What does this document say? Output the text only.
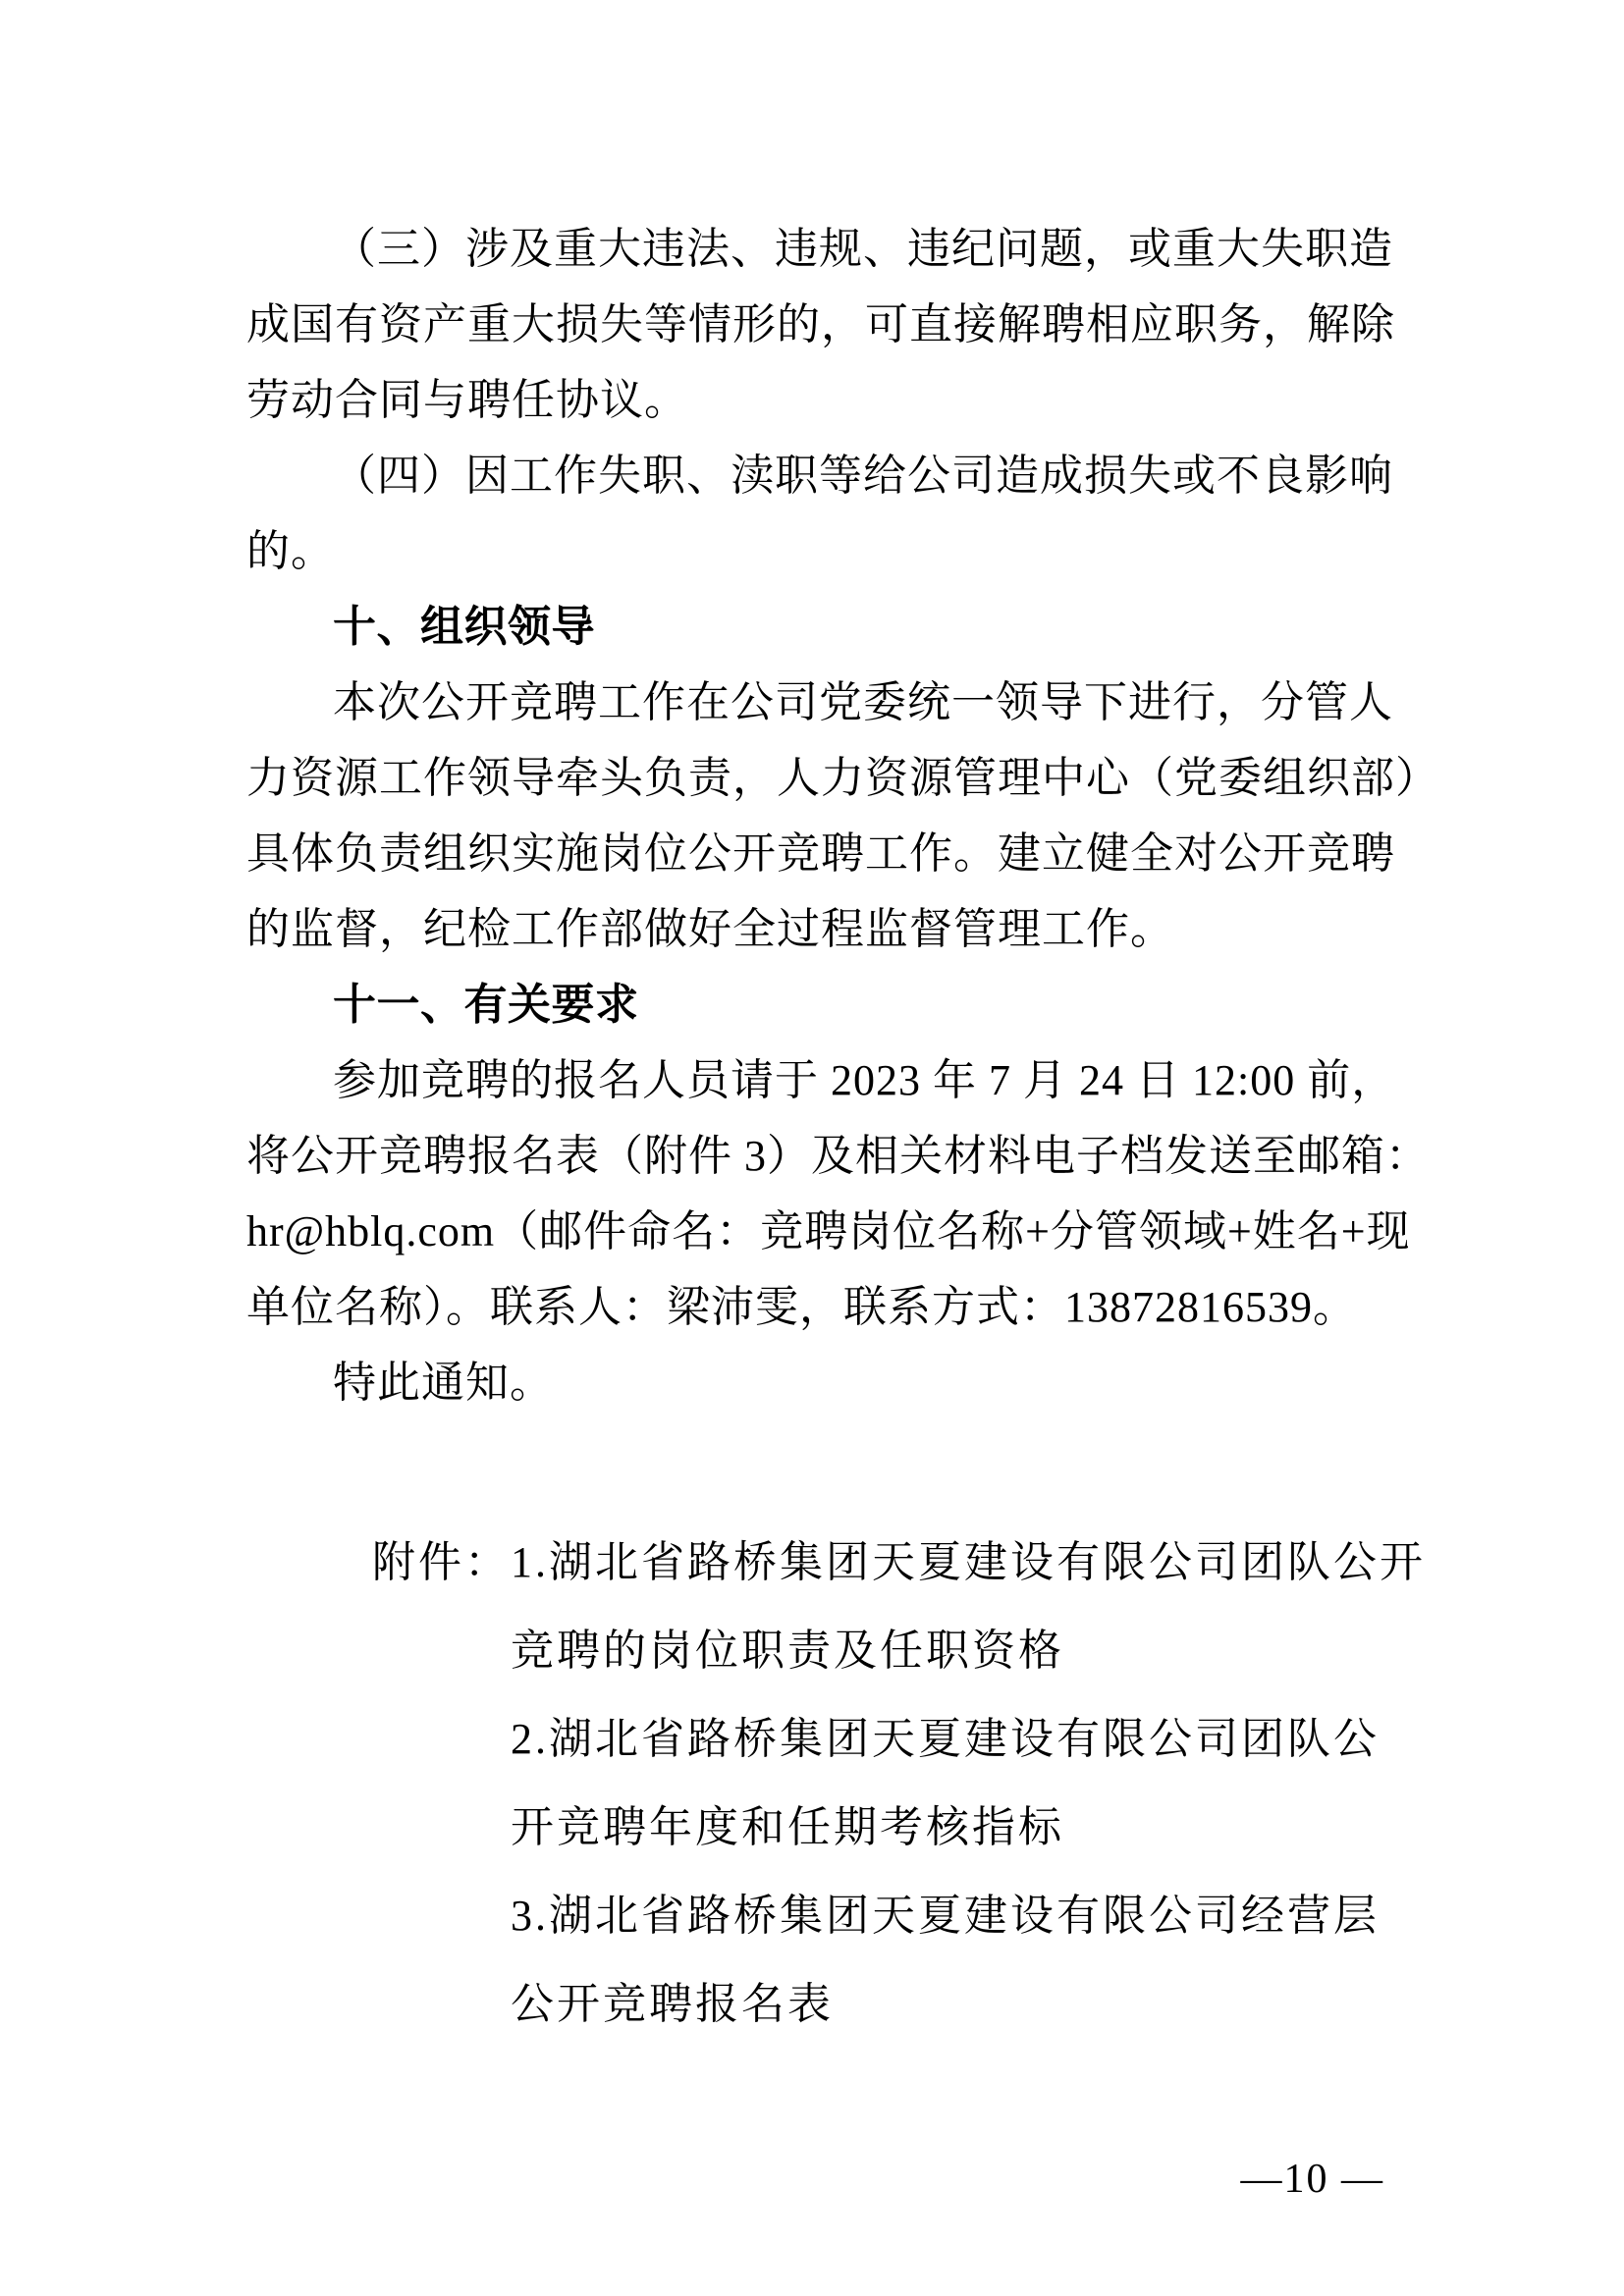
（三）涉及重大违法、违规、违纪问题，或重大失职造
成国有资产重大损失等情形的，可直接解聘相应职务，解除
劳动合同与聘任协议。
（四）因工作失职、渎职等给公司造成损失或不良影响
的。
十、组织领导
本次公开竞聘工作在公司党委统一领导下进行，分管人
力资源工作领导牵头负责，人力资源管理中心（党委组织部）
具体负责组织实施岗位公开竞聘工作。建立健全对公开竞聘
的监督，纪检工作部做好全过程监督管理工作。
十一、有关要求
参加竞聘的报名人员请于 2023 年 7 月 24 日 12:00 前，
将公开竞聘报名表（附件 3）及相关材料电子档发送至邮箱：
hr@hblq.com（邮件命名：竞聘岗位名称+分管领域+姓名+现
单位名称）。联系人：梁沛雯，联系方式：13872816539。
特此通知。
附件：1.湖北省路桥集团天夏建设有限公司团队公开
竞聘的岗位职责及任职资格
2.湖北省路桥集团天夏建设有限公司团队公
开竞聘年度和任期考核指标
3.湖北省路桥集团天夏建设有限公司经营层
公开竞聘报名表
—10 —
